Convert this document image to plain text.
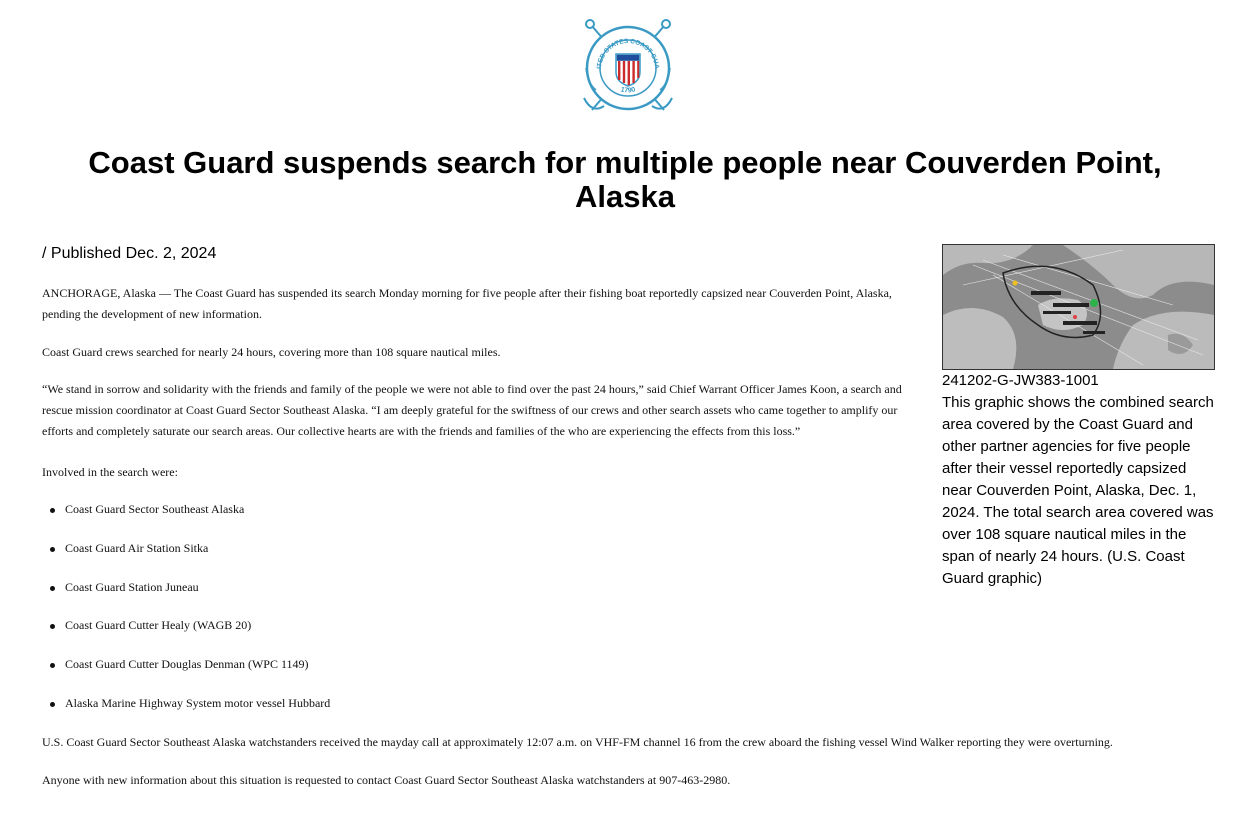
ITED STATES COAST GUA
1790
Coast Guard suspends search for multiple people near Couverden Point, Alaska

/ Published Dec. 2, 2024

ANCHORAGE, Alaska — The Coast Guard has suspended its search Monday morning for five people after their fishing boat reportedly capsized near Couverden Point, Alaska, pending the development of new information.

Coast Guard crews searched for nearly 24 hours, covering more than 108 square nautical miles.

“We stand in sorrow and solidarity with the friends and family of the people we were not able to find over the past 24 hours,” said Chief Warrant Officer James Koon, a search and rescue mission coordinator at Coast Guard Sector Southeast Alaska. “I am deeply grateful for the swiftness of our crews and other search assets who came together to amplify our efforts and completely saturate our search areas. Our collective hearts are with the friends and families of the who are experiencing the effects from this loss.”

Involved in the search were:

Coast Guard Sector Southeast Alaska
Coast Guard Air Station Sitka
Coast Guard Station Juneau
Coast Guard Cutter Healy (WAGB 20)
Coast Guard Cutter Douglas Denman (WPC 1149)
Alaska Marine Highway System motor vessel Hubbard

U.S. Coast Guard Sector Southeast Alaska watchstanders received the mayday call at approximately 12:07 a.m. on VHF-FM channel 16 from the crew aboard the fishing vessel Wind Walker reporting they were overturning.

Anyone with new information about this situation is requested to contact Coast Guard Sector Southeast Alaska watchstanders at 907-463-2980.

241202-G-JW383-1001

This graphic shows the combined search area covered by the Coast Guard and other partner agencies for five people after their vessel reportedly capsized near Couverden Point, Alaska, Dec. 1, 2024. The total search area covered was over 108 square nautical miles in the span of nearly 24 hours. (U.S. Coast Guard graphic)
